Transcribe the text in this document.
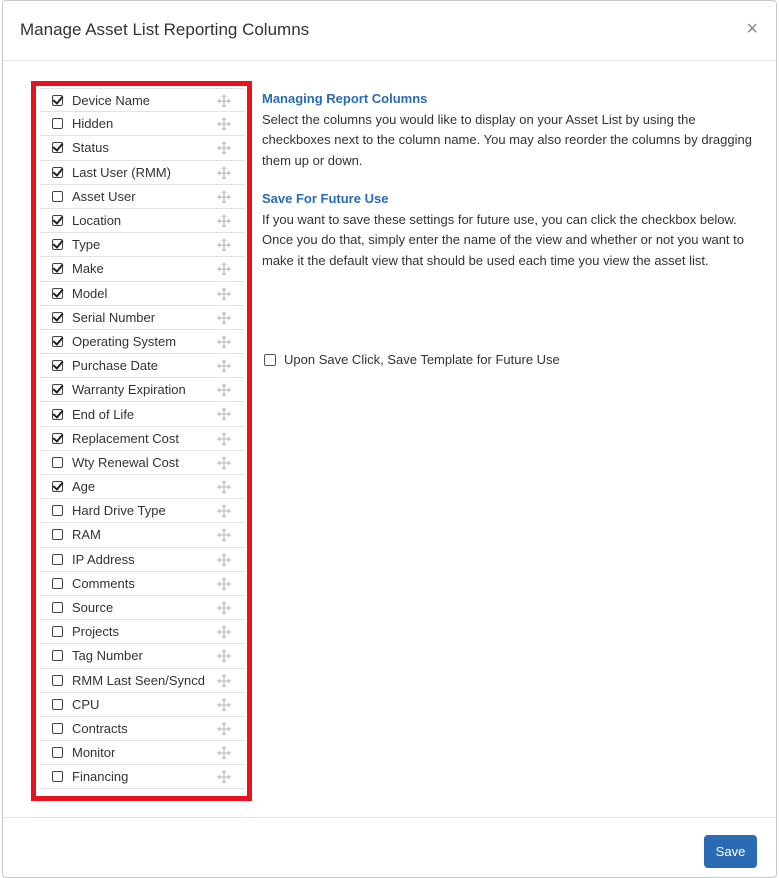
Manage Asset List Reporting Columns	×
Device Name
Hidden
Status
Last User (RMM)
Asset User
Location
Type
Make
Model
Serial Number
Operating System
Purchase Date
Warranty Expiration
End of Life
Replacement Cost
Wty Renewal Cost
Age
Hard Drive Type
RAM
IP Address
Comments
Source
Projects
Tag Number
RMM Last Seen/Syncd
CPU
Contracts
Monitor
Financing
Managing Report Columns

Select the columns you would like to display on your Asset List by using the checkboxes next to the column name. You may also reorder the columns by dragging them up or down.

Save For Future Use

If you want to save these settings for future use, you can click the checkbox below. Once you do that, simply enter the name of the view and whether or not you want to make it the default view that should be used each time you view the asset list.

Upon Save Click, Save Template for Future Use
Save
